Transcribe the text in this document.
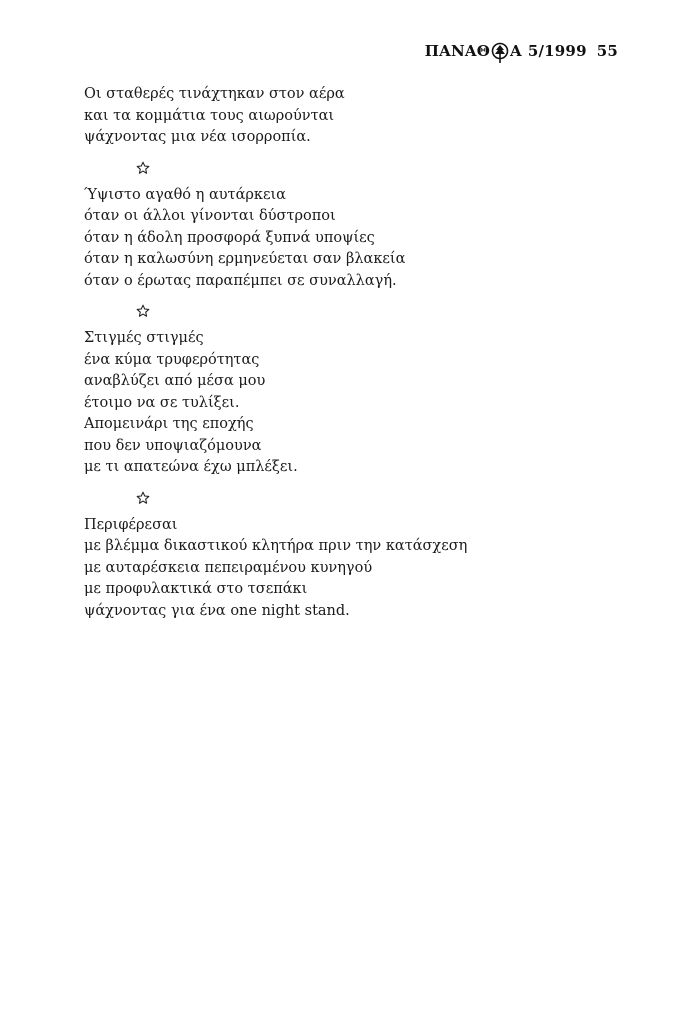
ΠΑΝΑΘ Α 5/1999 55
Οι σταθερές τινάχτηκαν στον αέρα
και τα κομμάτια τους αιωρούνται
ψάχνοντας μια νέα ισορροπία.
Ύψιστο αγαθό η αυτάρκεια
όταν οι άλλοι γίνονται δύστροποι
όταν η άδολη προσφορά ξυπνά υποψίες
όταν η καλωσύνη ερμηνεύεται σαν βλακεία
όταν ο έρωτας παραπέμπει σε συναλλαγή.
Στιγμές στιγμές
ένα κύμα τρυφερότητας
αναβλύζει από μέσα μου
έτοιμο να σε τυλίξει.
Απομεινάρι της εποχής
που δεν υποψιαζόμουνα
με τι απατεώνα έχω μπλέξει.
Περιφέρεσαι
με βλέμμα δικαστικού κλητήρα πριν την κατάσχεση
με αυταρέσκεια πεπειραμένου κυνηγού
με προφυλακτικά στο τσεπάκι
ψάχνοντας για ένα one night stand.
